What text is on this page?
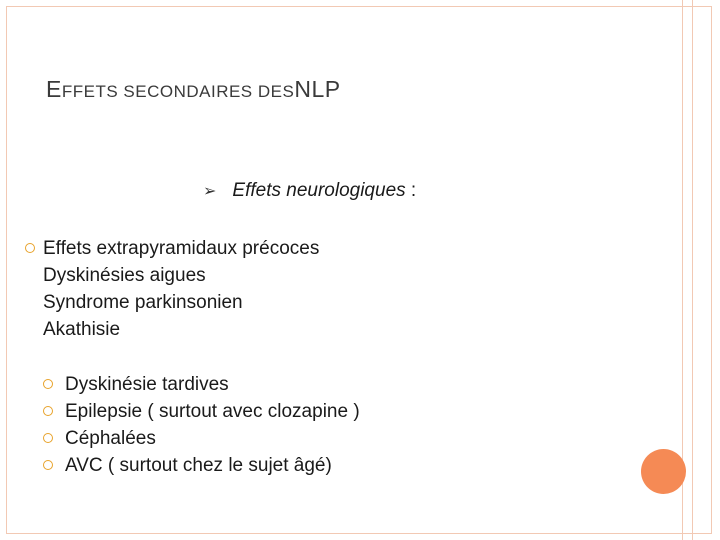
EFFETS SECONDAIRES DESNLP
➢ Effets neurologiques :
Effets extrapyramidaux précoces
Dyskinésies aigues
Syndrome parkinsonien
Akathisie
Dyskinésie tardives
Epilepsie ( surtout avec clozapine )
Céphalées
AVC ( surtout chez le sujet âgé)
